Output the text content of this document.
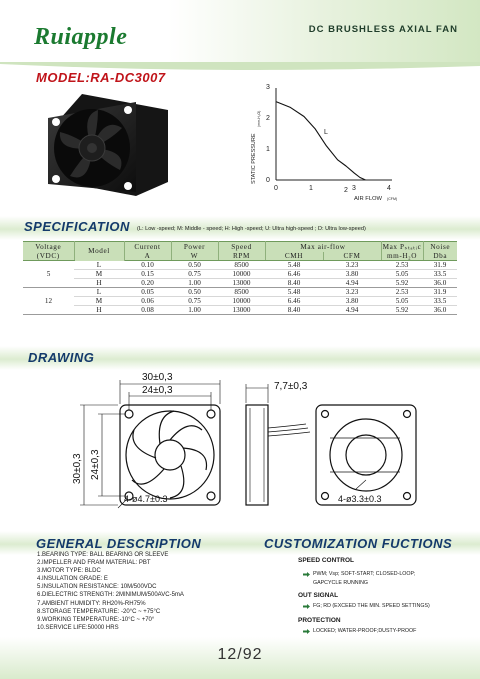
Ruiapple	DC BRUSHLESS AXIAL FAN
MODEL:RA-DC3007
0	1	2 3	4
0
1
2
3
STATIC PRESSURE
(mm-H₂O)
AIR FLOW (CFM)
L
SPECIFICATION (L: Low -speed; M: Middle - speed; H: High -speed; U: Ultra high-speed ; D: Ultra low-speed)
Voltage	Model	Current	Power	Speed	Max air-flow		Max Pₛₜₐₜᵢc	Noise
(VDC)		A	W	RPM	CMH	CFM	mm-H₂O	Dba
5	L	0.10	0.50	8500	5.48	3.23	2.53	31.9
	M	0.15	0.75	10000	6.46	3.80	5.05	33.5
	H	0.20	1.00	13000	8.40	4.94	5.92	36.0
12	L	0.05	0.50	8500	5.48	3.23	2.53	31.9
	M	0.06	0.75	10000	6.46	3.80	5.05	33.5
	H	0.08	1.00	13000	8.40	4.94	5.92	36.0
DRAWING
30±0,3
24±0,3
30±0,3 24±0,3
4-ø4.7±0.3
7,7±0,3
4-ø3.3±0.3
GENERAL DESCRIPTION	CUSTOMIZATION FUCTIONS
1.BEARING TYPE: BALL BEARING OR SLEEVE
2.IMPELLER AND FRAM MATERIAL: PBT
3.MOTOR TYPE: BLDC
4.INSULATION GRADE: E
5.INSULATION RESISTANCE: 10M/500VDC
6.DIELECTRIC STRENGTH: 2MINIMUM/500AVC-5mA
7.AMBIENT HUMIDITY: RH20%-RH75%
8.STORAGE TEMPERATURE: -20°C ~ +75°C
9.WORKING TEMPERATURE:-10°C ~ +70°
10.SERVICE LIFE:50000 HRS
SPEED CONTROL
PWM; Vsp; SOFT-START; CLOSED-LOOP;
GAPCYCLE RUNNING
OUT SIGNAL
FG; RD (EXCEED THE MIN. SPEED SETTINGS)
PROTECTION
LOCKED; WATER-PROOF;DUSTY-PROOF
12/92
